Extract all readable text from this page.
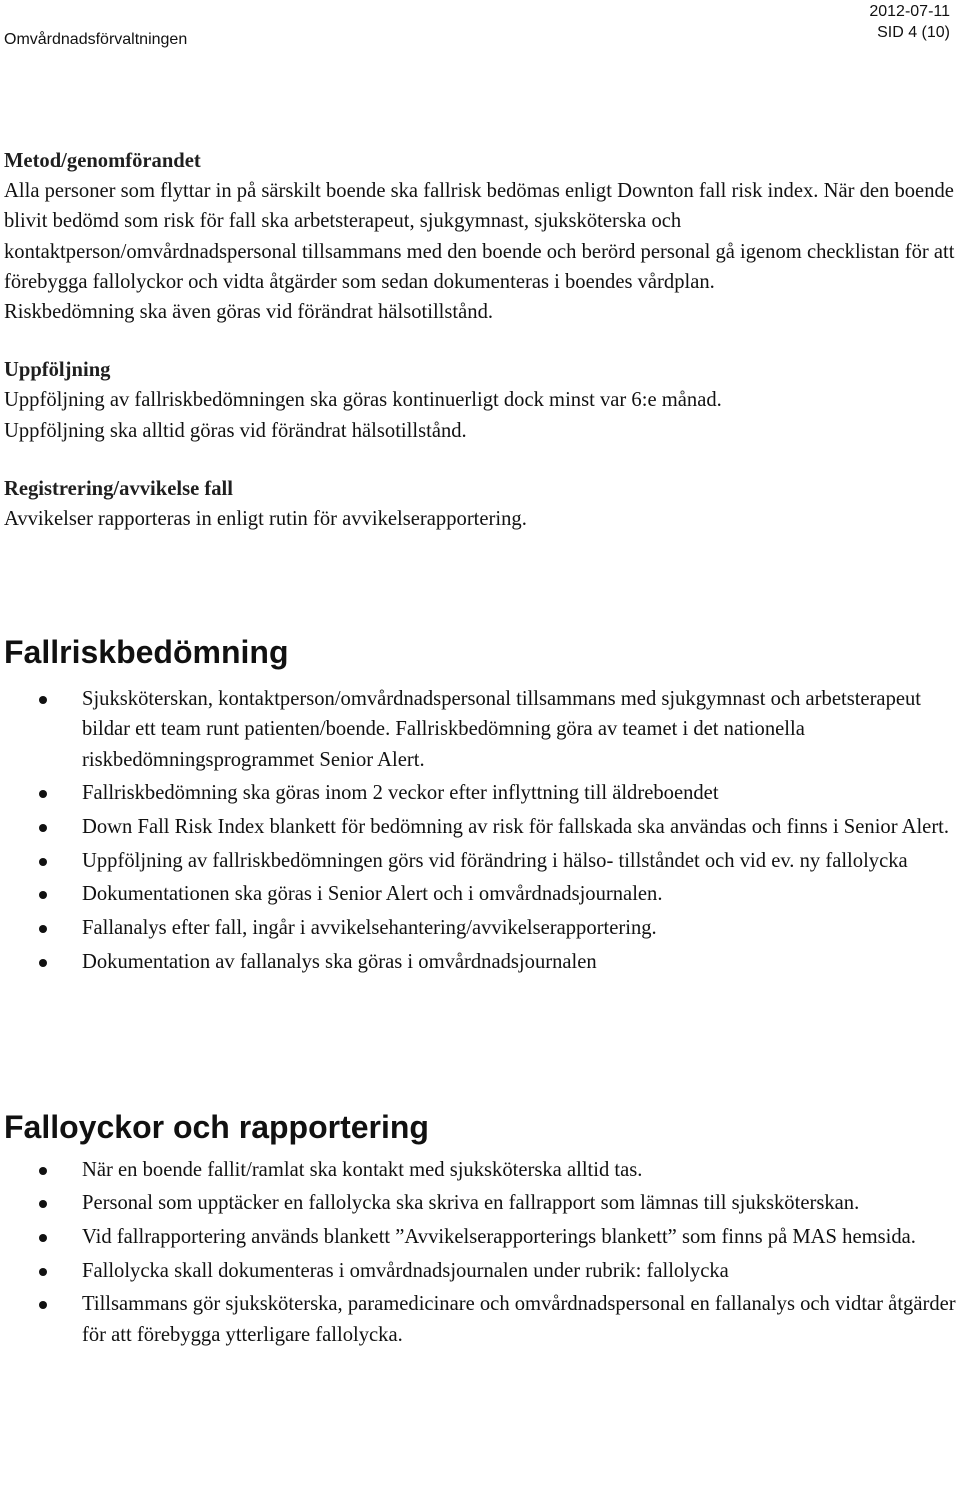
Omvårdnadsförvaltningen
2012-07-11
SID 4 (10)
Metod/genomförandet
Alla personer som flyttar in på särskilt boende ska fallrisk bedömas enligt Downton fall risk index. När den boende blivit bedömd som risk för fall ska arbetsterapeut, sjukgymnast, sjuksköterska och kontaktperson/omvårdnadspersonal tillsammans med den boende och berörd personal gå igenom checklistan för att förebygga fallolyckor och vidta åtgärder som sedan dokumenteras i boendes vårdplan.
Riskbedömning ska även göras vid förändrat hälsotillstånd.
Uppföljning
Uppföljning av fallriskbedömningen ska göras kontinuerligt dock minst var 6:e månad.
Uppföljning ska alltid göras vid förändrat hälsotillstånd.
Registrering/avvikelse fall
Avvikelser rapporteras in enligt rutin för avvikelserapportering.
Fallriskbedömning
Sjuksköterskan, kontaktperson/omvårdnadspersonal tillsammans med sjukgymnast och arbetsterapeut bildar ett team runt patienten/boende. Fallriskbedömning göra av teamet i det nationella riskbedömningsprogrammet Senior Alert.
Fallriskbedömning ska göras inom 2 veckor efter inflyttning till äldreboendet
Down Fall Risk Index blankett för bedömning av risk för fallskada ska användas och finns i Senior Alert.
Uppföljning av fallriskbedömningen görs vid förändring i hälso- tillståndet och vid ev. ny fallolycka
Dokumentationen ska göras i Senior Alert och i omvårdnadsjournalen.
Fallanalys efter fall, ingår i avvikelsehantering/avvikelserapportering.
Dokumentation av fallanalys ska göras i omvårdnadsjournalen
Falloyckor och rapportering
När en boende fallit/ramlat ska kontakt med sjuksköterska alltid tas.
Personal som upptäcker en fallolycka ska skriva en fallrapport som lämnas till sjuksköterskan.
Vid fallrapportering används blankett ”Avvikelserapporterings blankett” som finns på MAS hemsida.
Fallolycka skall dokumenteras i omvårdnadsjournalen under rubrik: fallolycka
Tillsammans gör sjuksköterska, paramedicinare och omvårdnadspersonal en fallanalys och vidtar åtgärder för att förebygga ytterligare fallolycka.
